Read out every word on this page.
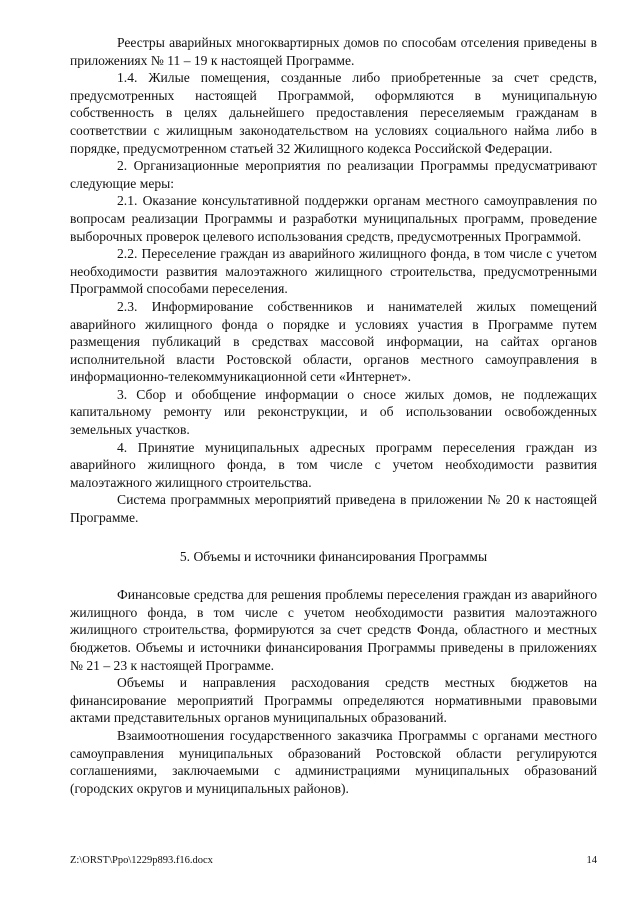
Реестры аварийных многоквартирных домов по способам отселения приведены в приложениях № 11 – 19 к настоящей Программе.

1.4. Жилые помещения, созданные либо приобретенные за счет средств, предусмотренных настоящей Программой, оформляются в муниципальную собственность в целях дальнейшего предоставления переселяемым гражданам в соответствии с жилищным законодательством на условиях социального найма либо в порядке, предусмотренном статьей 32 Жилищного кодекса Российской Федерации.

2. Организационные мероприятия по реализации Программы предусматривают следующие меры:

2.1. Оказание консультативной поддержки органам местного самоуправления по вопросам реализации Программы и разработки муниципальных программ, проведение выборочных проверок целевого использования средств, предусмотренных Программой.

2.2. Переселение граждан из аварийного жилищного фонда, в том числе с учетом необходимости развития малоэтажного жилищного строительства, предусмотренными Программой способами переселения.

2.3. Информирование собственников и нанимателей жилых помещений аварийного жилищного фонда о порядке и условиях участия в Программе путем размещения публикаций в средствах массовой информации, на сайтах органов исполнительной власти Ростовской области, органов местного самоуправления в информационно-телекоммуникационной сети «Интернет».

3. Сбор и обобщение информации о сносе жилых домов, не подлежащих капитальному ремонту или реконструкции, и об использовании освобожденных земельных участков.

4. Принятие муниципальных адресных программ переселения граждан из аварийного жилищного фонда, в том числе с учетом необходимости развития малоэтажного жилищного строительства.

Система программных мероприятий приведена в приложении № 20 к настоящей Программе.

5. Объемы и источники финансирования Программы

Финансовые средства для решения проблемы переселения граждан из аварийного жилищного фонда, в том числе с учетом необходимости развития малоэтажного жилищного строительства, формируются за счет средств Фонда, областного и местных бюджетов. Объемы и источники финансирования Программы приведены в приложениях № 21 – 23 к настоящей Программе.

Объемы и направления расходования средств местных бюджетов на финансирование мероприятий Программы определяются нормативными правовыми актами представительных органов муниципальных образований.

Взаимоотношения государственного заказчика Программы с органами местного самоуправления муниципальных образований Ростовской области регулируются соглашениями, заключаемыми с администрациями муниципальных образований (городских округов и муниципальных районов).

Z:\ORST\Ppo\1229p893.f16.docx	14
